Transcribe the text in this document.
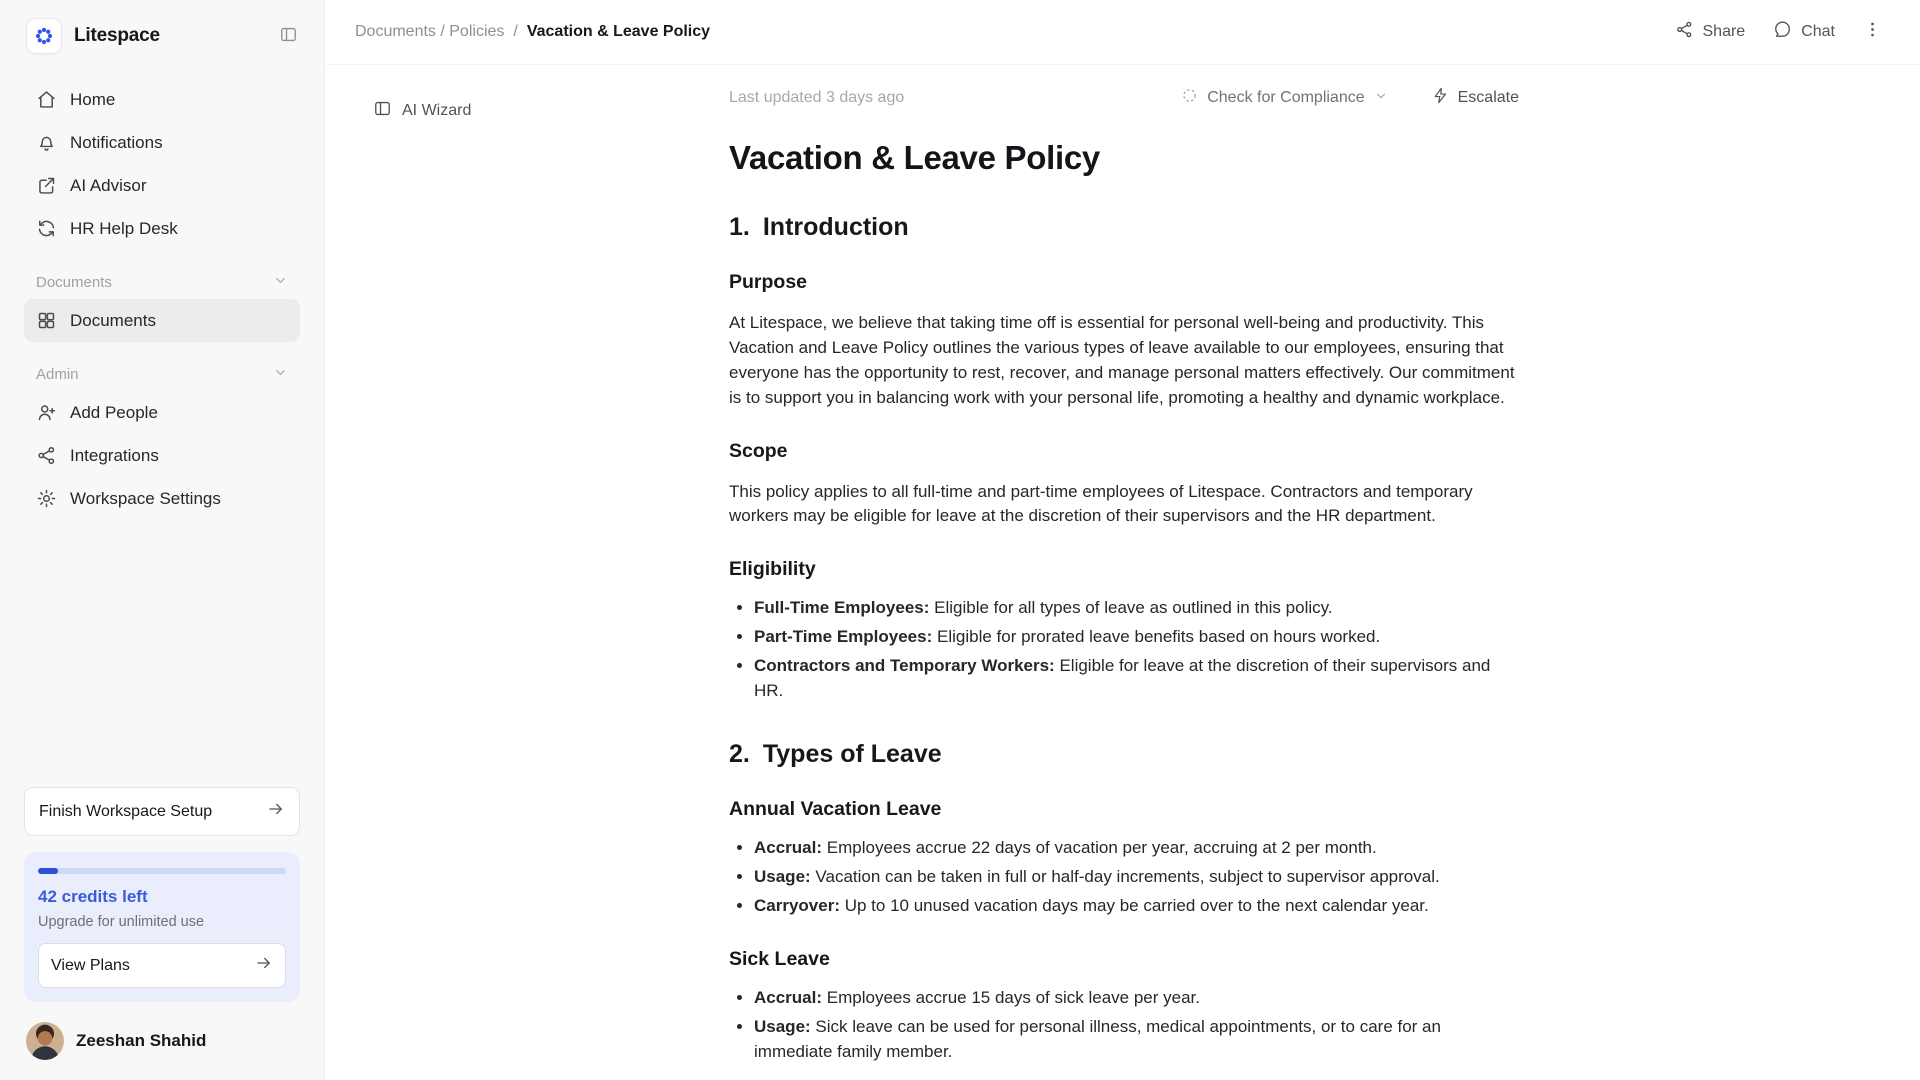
Litespace
Home
Notifications
AI Advisor
HR Help Desk
Documents
Documents
Admin
Add People
Integrations
Workspace Settings
Finish Workspace Setup
42 credits left
Upgrade for unlimited use
View Plans
Zeeshan Shahid
Documents / Policies / Vacation & Leave Policy	Share	Chat
AI Wizard
Last updated 3 days ago	Check for Compliance	Escalate
Vacation & Leave Policy
1. Introduction
Purpose

At Litespace, we believe that taking time off is essential for personal well-being and productivity. This Vacation and Leave Policy outlines the various types of leave available to our employees, ensuring that everyone has the opportunity to rest, recover, and manage personal matters effectively. Our commitment is to support you in balancing work with your personal life, promoting a healthy and dynamic workplace.

Scope

This policy applies to all full-time and part-time employees of Litespace. Contractors and temporary workers may be eligible for leave at the discretion of their supervisors and the HR department.

Eligibility
• Full-Time Employees: Eligible for all types of leave as outlined in this policy.
• Part-Time Employees: Eligible for prorated leave benefits based on hours worked.
• Contractors and Temporary Workers: Eligible for leave at the discretion of their supervisors and HR.
2. Types of Leave
Annual Vacation Leave
• Accrual: Employees accrue 22 days of vacation per year, accruing at 2 per month.
• Usage: Vacation can be taken in full or half-day increments, subject to supervisor approval.
• Carryover: Up to 10 unused vacation days may be carried over to the next calendar year.
Sick Leave
• Accrual: Employees accrue 15 days of sick leave per year.
• Usage: Sick leave can be used for personal illness, medical appointments, or to care for an immediate family member.
